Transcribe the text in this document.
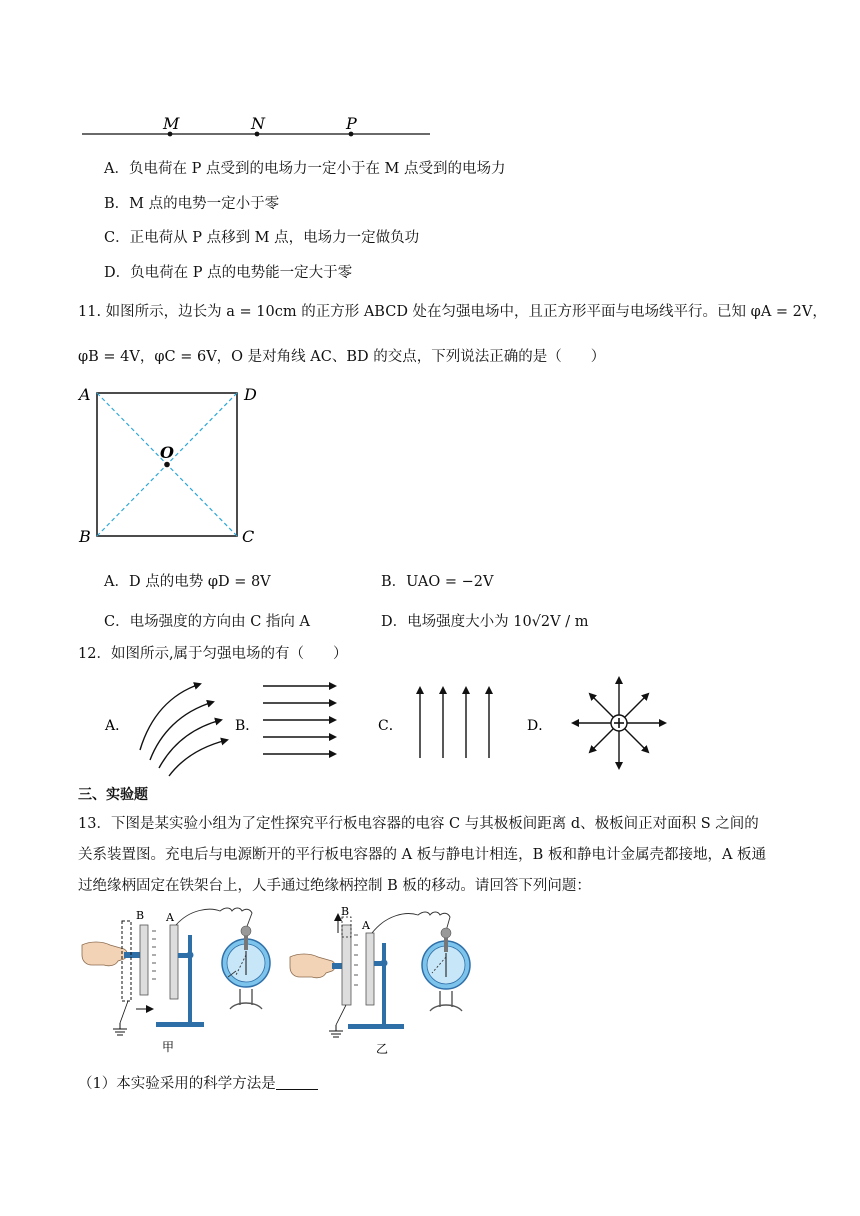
M	N	P
A．负电荷在 P 点受到的电场力一定小于在 M 点受到的电场力
B．M 点的电势一定小于零
C．正电荷从 P 点移到 M 点，电场力一定做负功
D．负电荷在 P 点的电势能一定大于零
11. 如图所示，边长为 a = 10cm 的正方形 ABCD 处在匀强电场中，且正方形平面与电场线平行。已知 φA = 2V，
φB = 4V，φC = 6V，O 是对角线 AC、BD 的交点，下列说法正确的是（　　）
A	D
B	C
O
A．D 点的电势 φD = 8V	B．UAO = −2V
C．电场强度的方向由 C 指向 A	D．电场强度大小为 10√2V / m
12．如图所示,属于匀强电场的有（　　）
A．	B．	C．	D．
三、实验题
13．下图是某实验小组为了定性探究平行板电容器的电容 C 与其极板间距离 d、极板间正对面积 S 之间的
关系装置图。充电后与电源断开的平行板电容器的 A 板与静电计相连，B 板和静电计金属壳都接地，A 板通
过绝缘柄固定在铁架台上，人手通过绝缘柄控制 B 板的移动。请回答下列问题：
B A
甲
B
A
乙
（1）本实验采用的科学方法是
